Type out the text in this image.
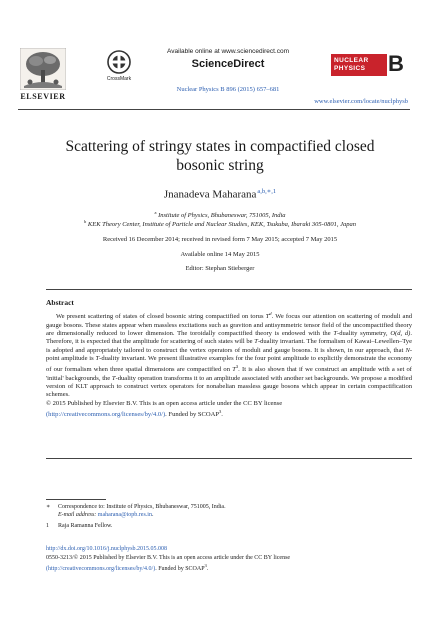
ELSEVIER
CrossMark
Available online at www.sciencedirect.com
ScienceDirect
Nuclear Physics B 896 (2015) 657–681
NUCLEAR
PHYSICS	B
www.elsevier.com/locate/nuclphysb
Scattering of stringy states in compactified closed
bosonic string
Jnanadeva Maharana$^{a,b,∗,1}$
$^a$ Institute of Physics, Bhubaneswar, 751005, India
$^b$ KEK Theory Center, Institute of Particle and Nuclear Studies, KEK, Tsukuba, Ibaraki 305-0801, Japan
Received 16 December 2014; received in revised form 7 May 2015; accepted 7 May 2015
Available online 14 May 2015
Editor: Stephan Stieberger
Abstract

We present scattering of states of closed bosonic string compactified on torus $T^d$. We focus our attention on scattering of moduli and gauge bosons. These states appear when massless excitations such as graviton and antisymmetric tensor field of the uncompactified theory are dimensionally reduced to lower dimension. The toroidally compactified theory is endowed with the T-duality symmetry, O(d, d). Therefore, it is expected that the amplitude for scattering of such states will be T-duality invariant. The formalism of Kawai–Lewellen–Tye is adopted and appropriately tailored to construct the vertex operators of moduli and gauge bosons. It is shown, in our approach, that N-point amplitude is T-duality invariant. We present illustrative examples for the four point amplitude to explicitly demonstrate the economy of our formalism when three spatial dimensions are compactified on $T^3$. It is also shown that if we construct an amplitude with a set of 'initial' backgrounds, the T-duality operation transforms it to an amplitude associated with another set backgrounds. We propose a modified version of KLT approach to construct vertex operators for nonabelian massless gauge bosons which appear in certain compactification schemes.

© 2015 Published by Elsevier B.V. This is an open access article under the CC BY license
(http://creativecommons.org/licenses/by/4.0/). Funded by SCOAP$^3$.
∗ Correspondence to: Institute of Physics, Bhubaneswar, 751005, India.
E-mail address: maharana@iopb.res.in.
1 Raja Ramanna Fellow.
http://dx.doi.org/10.1016/j.nuclphysb.2015.05.008
0550-3213/© 2015 Published by Elsevier B.V. This is an open access article under the CC BY license
(http://creativecommons.org/licenses/by/4.0/). Funded by SCOAP$^3$.
